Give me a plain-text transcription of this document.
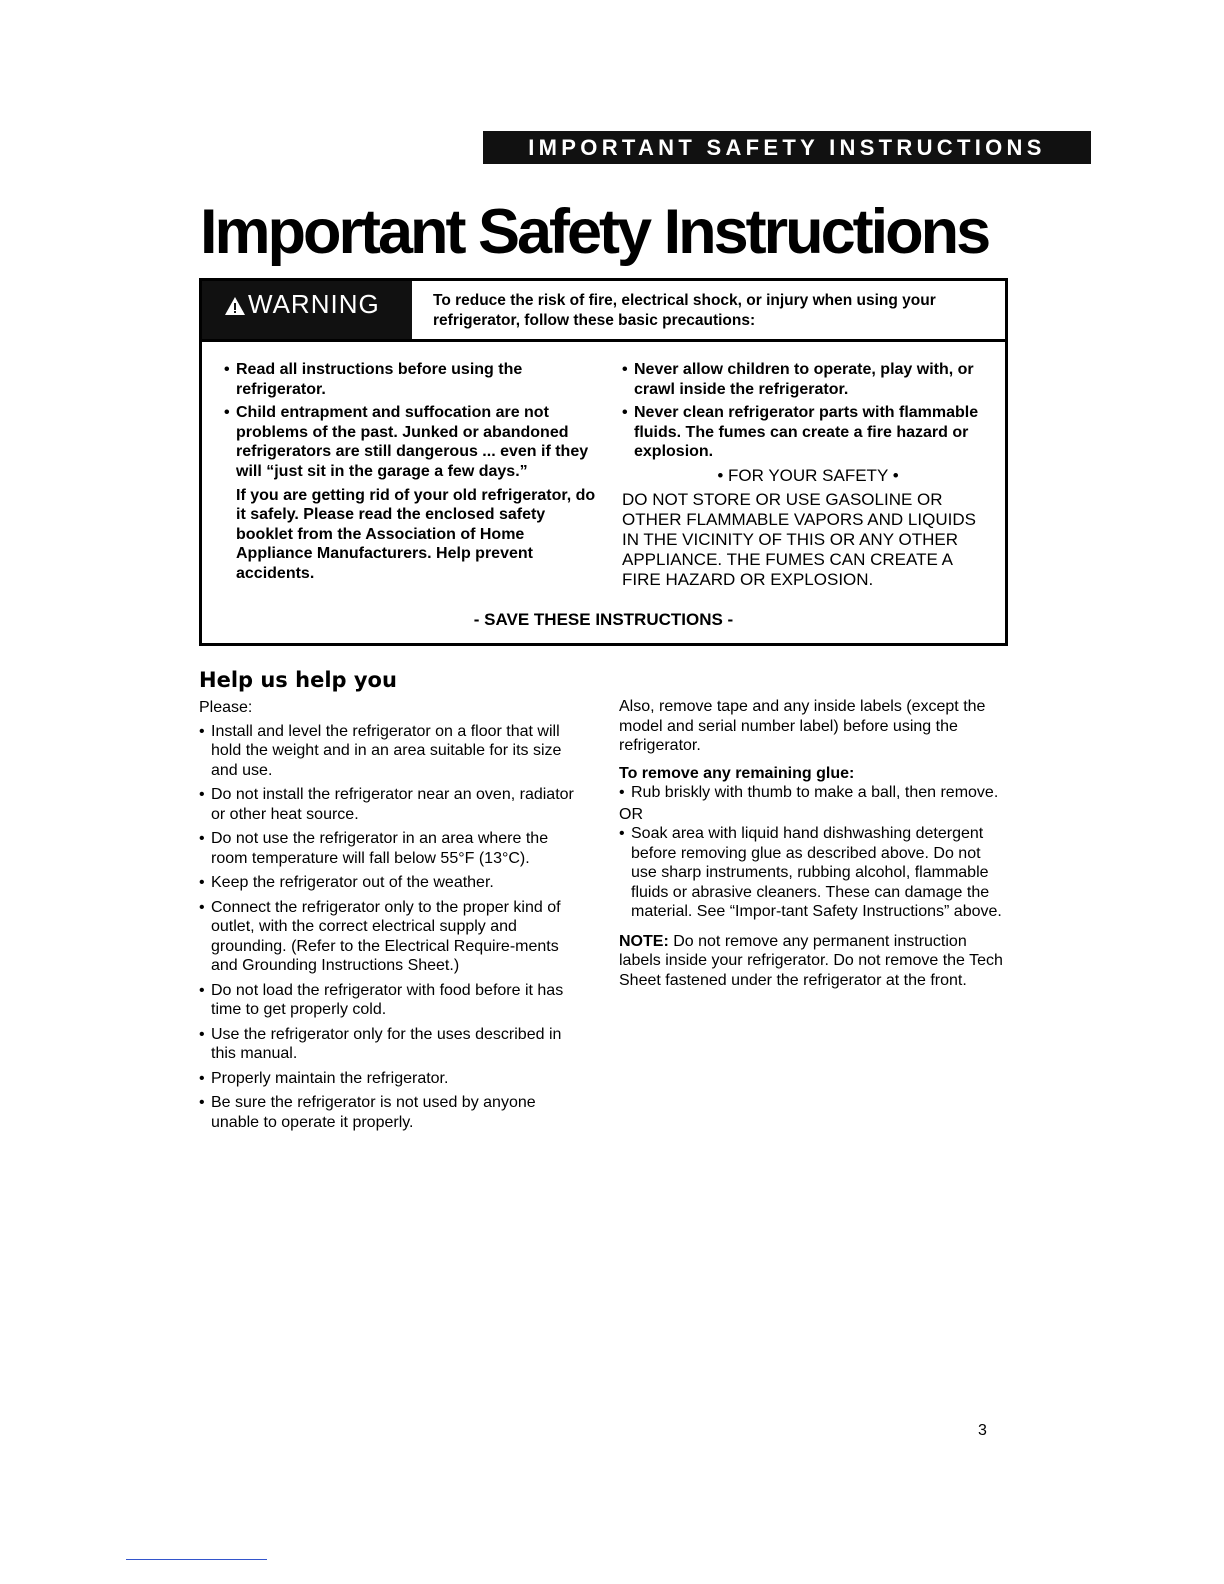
IMPORTANT SAFETY INSTRUCTIONS
Important Safety Instructions
WARNING	To reduce the risk of fire, electrical shock, or injury when using your refrigerator, follow these basic precautions:
• Read all instructions before using the refrigerator.
• Child entrapment and suffocation are not problems of the past. Junked or abandoned refrigerators are still dangerous ... even if they will “just sit in the garage a few days.”

If you are getting rid of your old refrigerator, do it safely. Please read the enclosed safety booklet from the Association of Home Appliance Manufacturers. Help prevent accidents.

• Never allow children to operate, play with, or crawl inside the refrigerator.
• Never clean refrigerator parts with flammable fluids. The fumes can create a fire hazard or explosion.
• FOR YOUR SAFETY •

DO NOT STORE OR USE GASOLINE OR OTHER FLAMMABLE VAPORS AND LIQUIDS IN THE VICINITY OF THIS OR ANY OTHER APPLIANCE. THE FUMES CAN CREATE A FIRE HAZARD OR EXPLOSION.

- SAVE THESE INSTRUCTIONS -
Help us help you

Please:

• Install and level the refrigerator on a floor that will hold the weight and in an area suitable for its size and use.
• Do not install the refrigerator near an oven, radiator or other heat source.
• Do not use the refrigerator in an area where the room temperature will fall below 55°F (13°C).
• Keep the refrigerator out of the weather.
• Connect the refrigerator only to the proper kind of outlet, with the correct electrical supply and grounding. (Refer to the Electrical Require-ments and Grounding Instructions Sheet.)
• Do not load the refrigerator with food before it has time to get properly cold.
• Use the refrigerator only for the uses described in this manual.
• Properly maintain the refrigerator.
• Be sure the refrigerator is not used by anyone unable to operate it properly.

Also, remove tape and any inside labels (except the model and serial number label) before using the refrigerator.

To remove any remaining glue:

• Rub briskly with thumb to make a ball, then remove.

OR

• Soak area with liquid hand dishwashing detergent before removing glue as described above. Do not use sharp instruments, rubbing alcohol, flammable fluids or abrasive cleaners. These can damage the material. See “Impor-tant Safety Instructions” above.

NOTE: Do not remove any permanent instruction labels inside your refrigerator. Do not remove the Tech Sheet fastened under the refrigerator at the front.

3
